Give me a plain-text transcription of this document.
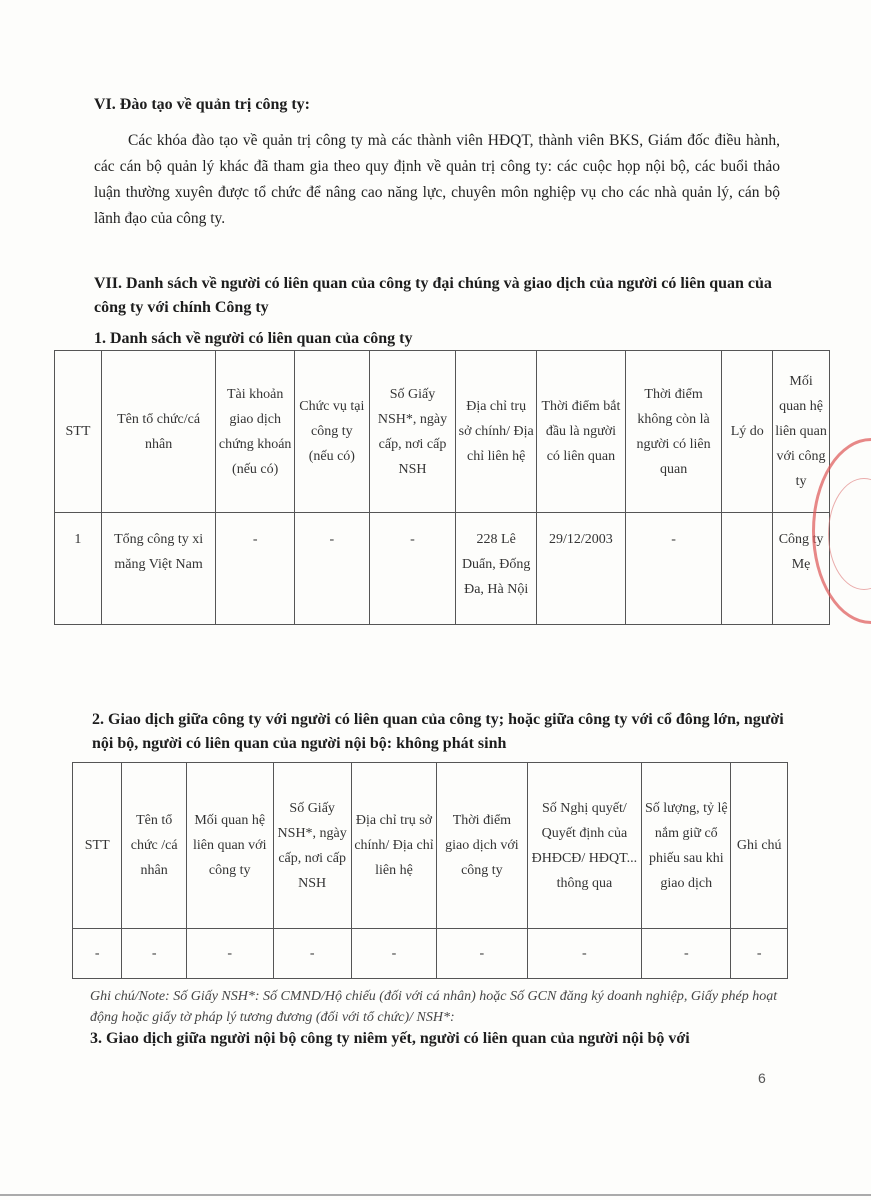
VI. Đào tạo về quản trị công ty:
Các khóa đào tạo về quản trị công ty mà các thành viên HĐQT, thành viên BKS, Giám đốc điều hành, các cán bộ quản lý khác đã tham gia theo quy định về quản trị công ty: các cuộc họp nội bộ, các buổi thảo luận thường xuyên được tổ chức để nâng cao năng lực, chuyên môn nghiệp vụ cho các nhà quản lý, cán bộ lãnh đạo của công ty.
VII. Danh sách về người có liên quan của công ty đại chúng và giao dịch của người có liên quan của công ty với chính Công ty
1. Danh sách về người có liên quan của công ty
STT	Tên tổ chức/cá nhân	Tài khoản giao dịch chứng khoán (nếu có)	Chức vụ tại công ty (nếu có)	Số Giấy NSH*, ngày cấp, nơi cấp NSH	Địa chỉ trụ sở chính/ Địa chỉ liên hệ	Thời điểm bắt đầu là người có liên quan	Thời điểm không còn là người có liên quan	Lý do	Mối quan hệ liên quan với công ty
1	Tổng công ty xi măng Việt Nam	-	-	-	228 Lê Duẩn, Đống Đa, Hà Nội	29/12/2003	-		Công ty Mẹ
2. Giao dịch giữa công ty với người có liên quan của công ty; hoặc giữa công ty với cổ đông lớn, người nội bộ, người có liên quan của người nội bộ: không phát sinh
STT	Tên tổ chức /cá nhân	Mối quan hệ liên quan với công ty	Số Giấy NSH*, ngày cấp, nơi cấp NSH	Địa chỉ trụ sở chính/ Địa chỉ liên hệ	Thời điểm giao dịch với công ty	Số Nghị quyết/ Quyết định của ĐHĐCĐ/ HĐQT... thông qua	Số lượng, tỷ lệ nắm giữ cổ phiếu sau khi giao dịch	Ghi chú
-	-	-	-	-	-	-	-	-
Ghi chú/Note: Số Giấy NSH*: Số CMND/Hộ chiếu (đối với cá nhân) hoặc Số GCN đăng ký doanh nghiệp, Giấy phép hoạt động hoặc giấy tờ pháp lý tương đương (đối với tổ chức)/ NSH*:
3. Giao dịch giữa người nội bộ công ty niêm yết, người có liên quan của người nội bộ với
6
